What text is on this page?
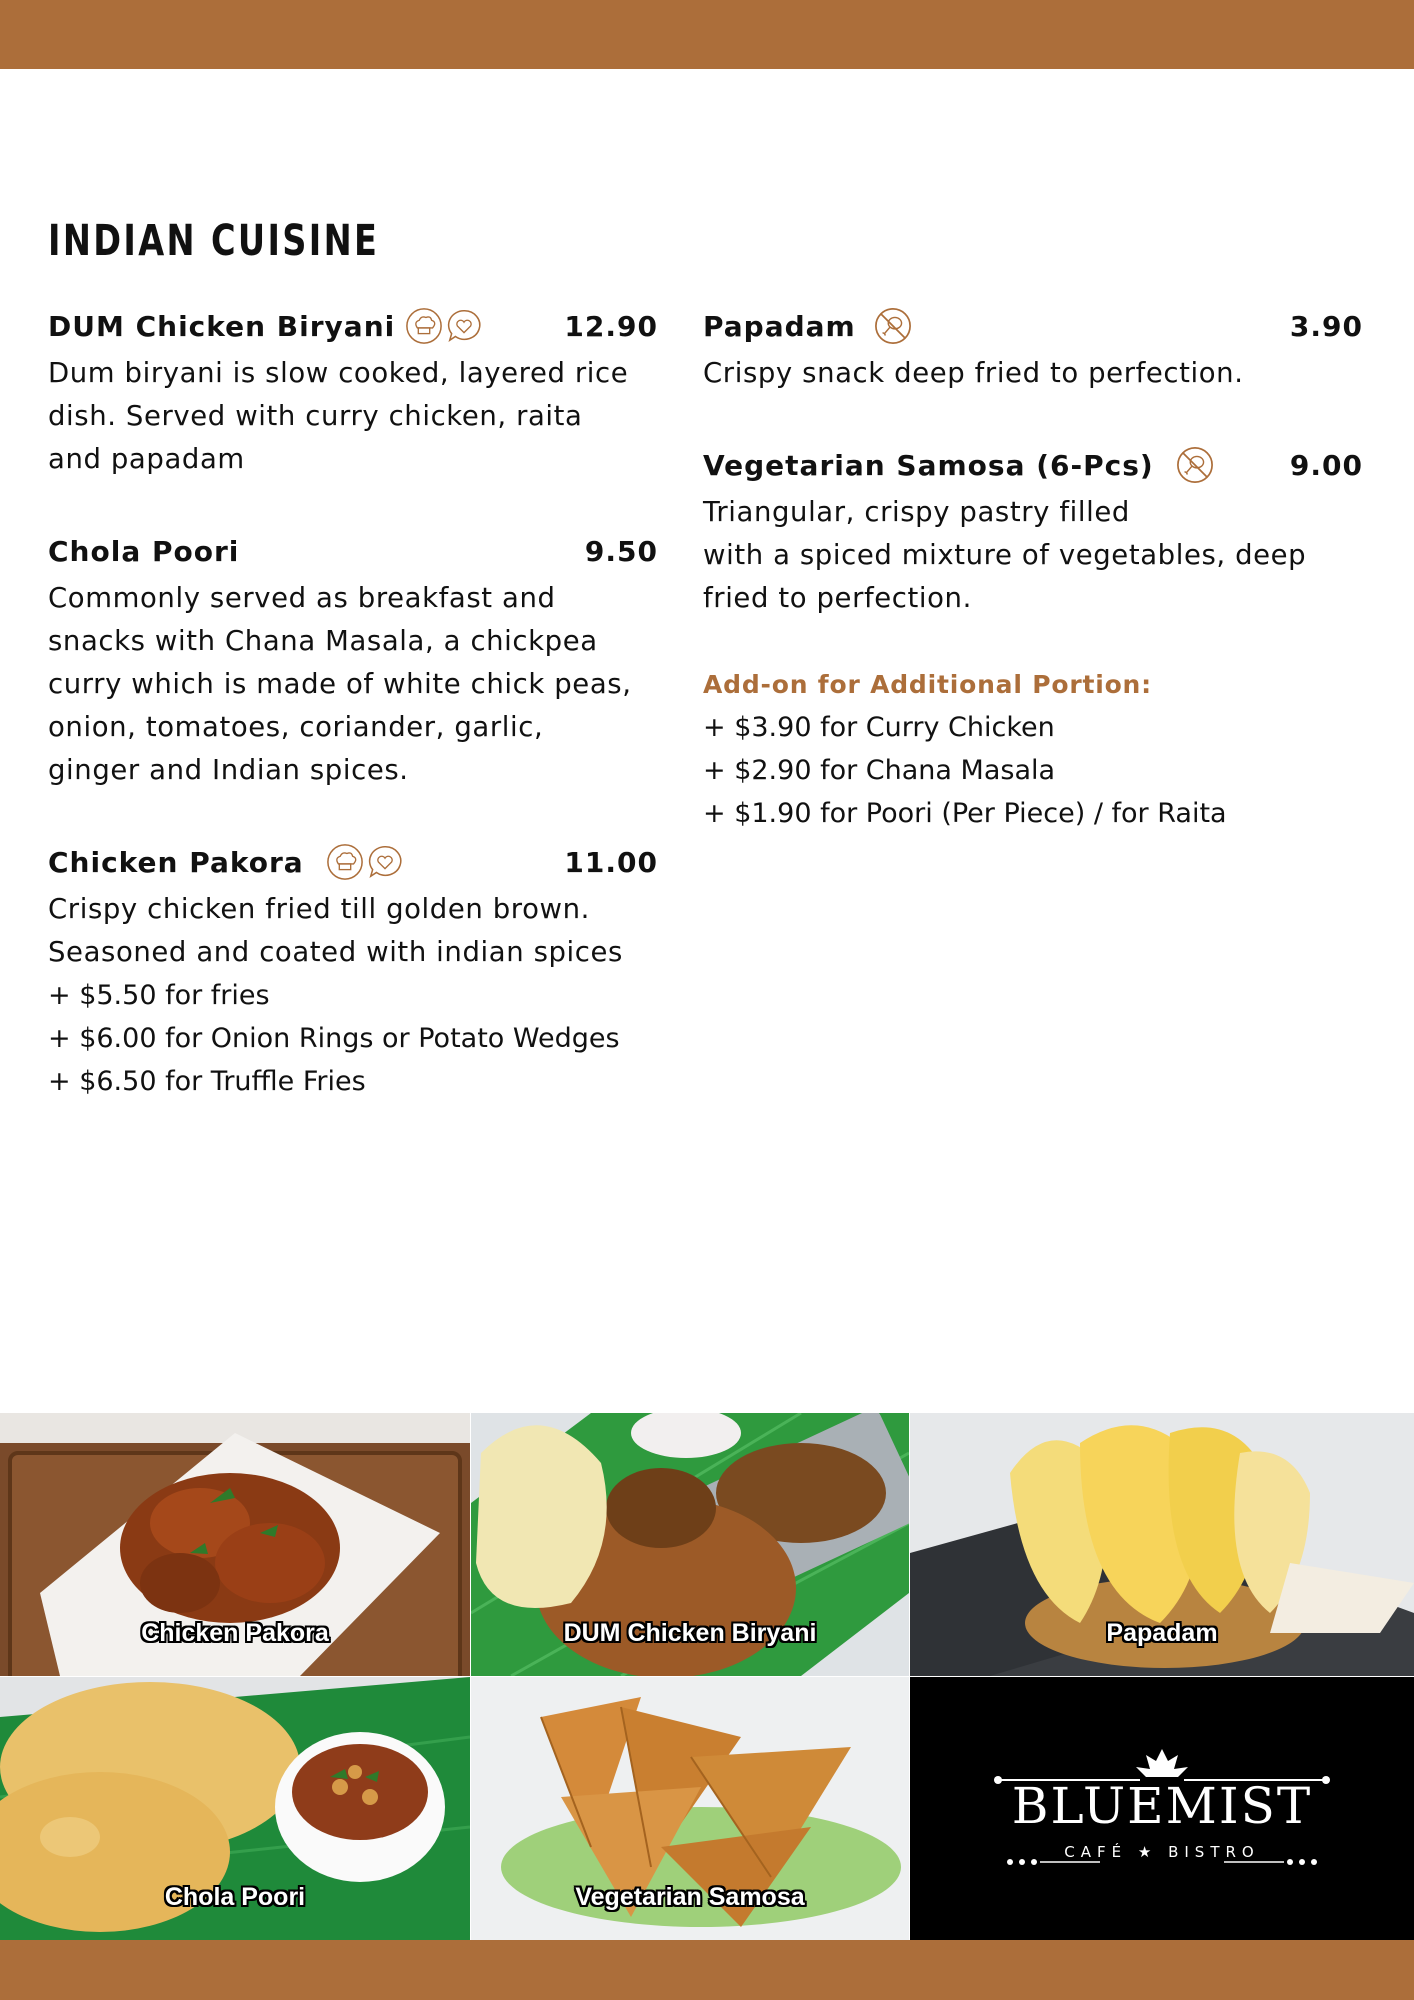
INDIAN CUISINE
DUM Chicken Biryani	12.90
Dum biryani is slow cooked, layered rice
dish. Served with curry chicken, raita
and papadam
Chola Poori	9.50
Commonly served as breakfast and
snacks with Chana Masala, a chickpea
curry which is made of white chick peas,
onion, tomatoes, coriander, garlic,
ginger and Indian spices.
Chicken Pakora	11.00
Crispy chicken fried till golden brown.
Seasoned and coated with indian spices
+ $5.50 for fries
+ $6.00 for Onion Rings or Potato Wedges
+ $6.50 for Truffle Fries
Papadam	3.90
Crispy snack deep fried to perfection.
Vegetarian Samosa (6-Pcs)	9.00
Triangular, crispy pastry filled
with a spiced mixture of vegetables, deep
fried to perfection.
Add-on for Additional Portion:
+ $3.90 for Curry Chicken
+ $2.90 for Chana Masala
+ $1.90 for Poori (Per Piece) / for Raita
Chicken Pakora	DUM Chicken Biryani	Papadam
Chola Poori	Vegetarian Samosa
BLUEMIST
CAFÉ ★ BISTRO
